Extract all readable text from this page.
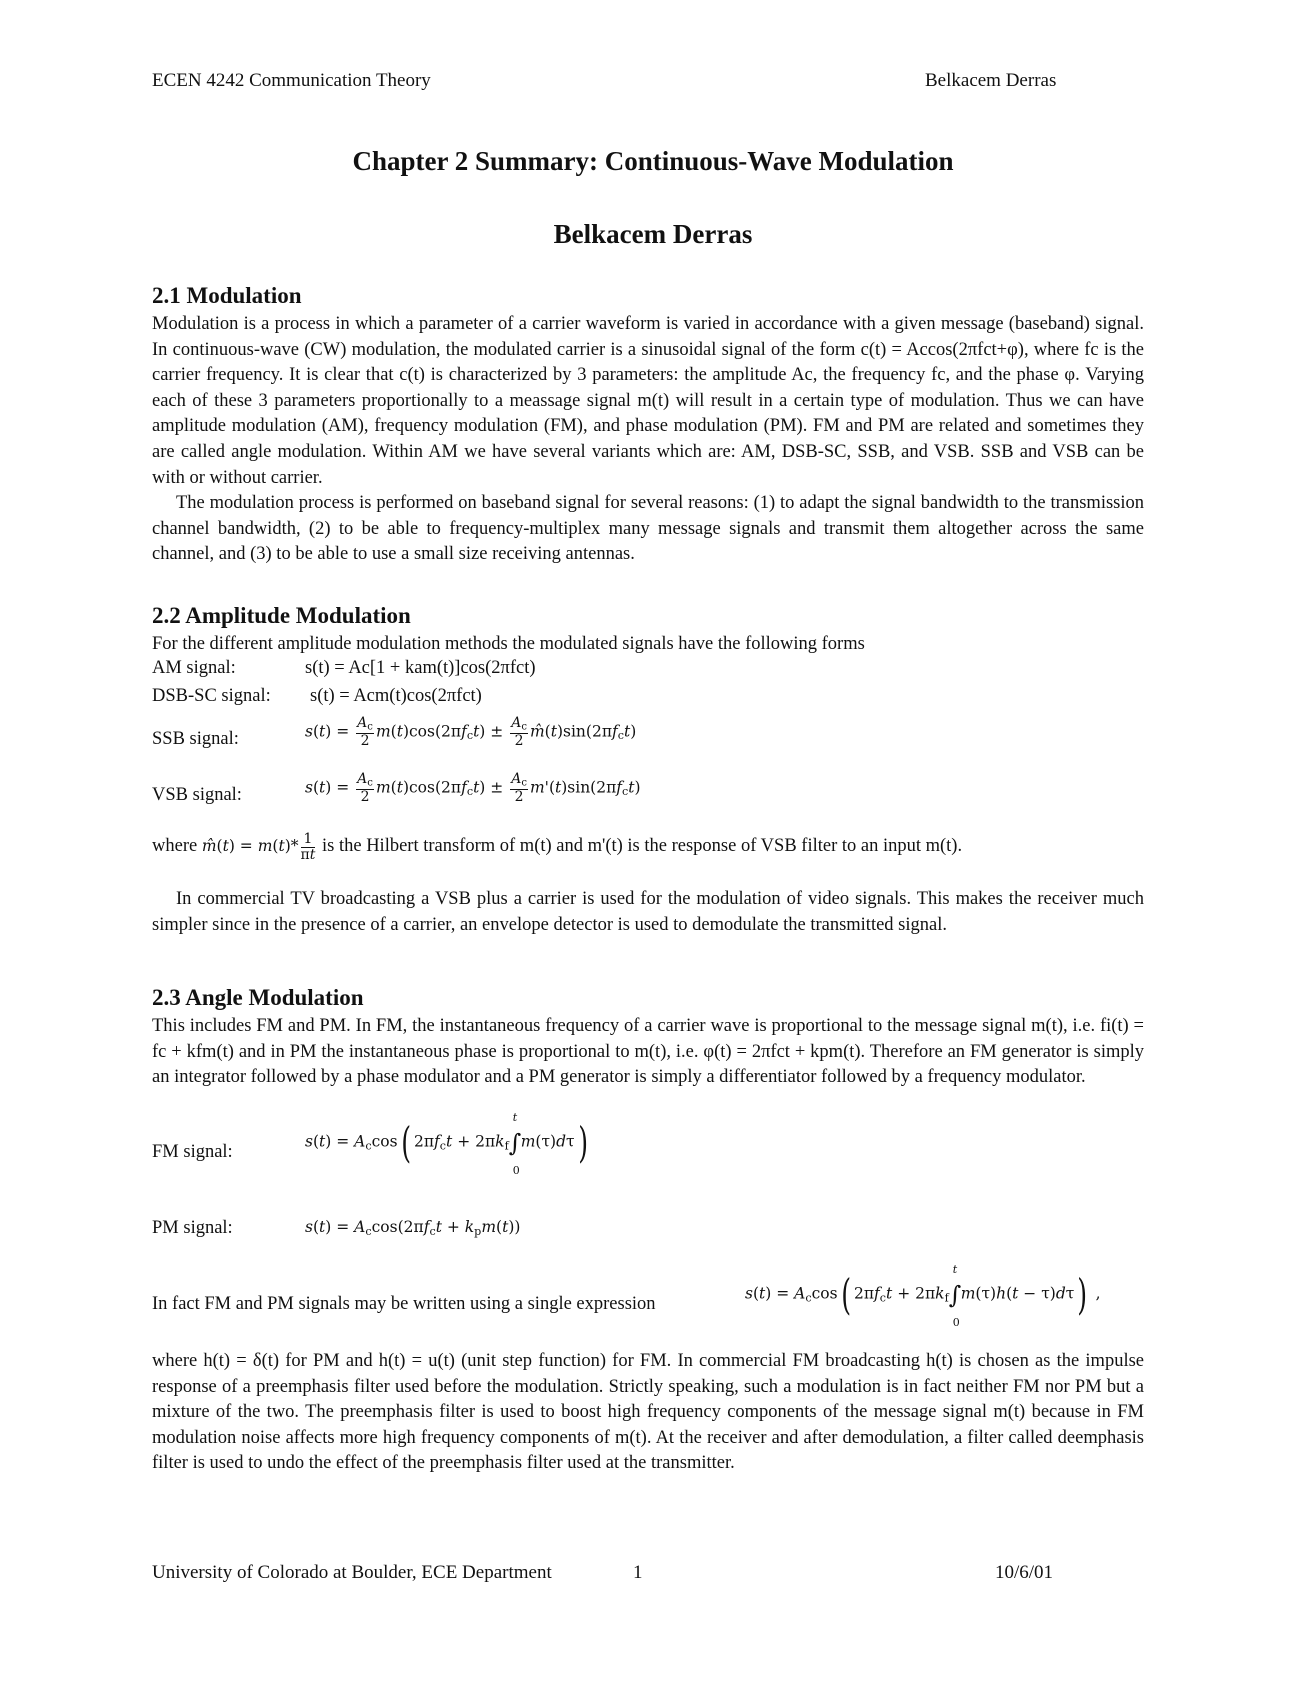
ECEN 4242 Communication Theory	Belkacem Derras
Chapter 2 Summary: Continuous-Wave Modulation
Belkacem Derras
2.1 Modulation

Modulation is a process in which a parameter of a carrier waveform is varied in accordance with a given message (baseband) signal. In continuous-wave (CW) modulation, the modulated carrier is a sinusoidal signal of the form c(t) = Accos(2πfct+φ), where fc is the carrier frequency. It is clear that c(t) is characterized by 3 parameters: the amplitude Ac, the frequency fc, and the phase φ. Varying each of these 3 parameters proportionally to a meassage signal m(t) will result in a certain type of modulation. Thus we can have amplitude modulation (AM), frequency modulation (FM), and phase modulation (PM). FM and PM are related and sometimes they are called angle modulation. Within AM we have several variants which are: AM, DSB-SC, SSB, and VSB. SSB and VSB can be with or without carrier.

The modulation process is performed on baseband signal for several reasons: (1) to adapt the signal bandwidth to the transmission channel bandwidth, (2) to be able to frequency-multiplex many message signals and transmit them altogether across the same channel, and (3) to be able to use a small size receiving antennas.

2.2 Amplitude Modulation
For the different amplitude modulation methods the modulated signals have the following forms
AM signal:	s(t) = Ac[1 + kam(t)]cos(2πfct)
DSB-SC signal: s(t) = Acm(t)cos(2πfct)
SSB signal:	$s(t) = \frac{A_c}{2} m(t)\cos(2\pi f_ct) \pm \frac{A_c}{2}$ $m̂(t)\sin(2\pi f_ct)$
VSB signal:	$s(t) = \frac{A_c}{2} m(t)\cos(2\pi f_ct) \pm \frac{A_c}{2} m'(t)\sin(2\pi f_ct)$
where m̂(t) = $m(t)* \frac{1}{\pi t}$ is the Hilbert transform of m(t) and m'(t) is the response of VSB filter to an input m(t).
In commercial TV broadcasting a VSB plus a carrier is used for the modulation of video signals. This makes the receiver much simpler since in the presence of a carrier, an envelope detector is used to demodulate the transmitted signal.
2.3 Angle Modulation
This includes FM and PM. In FM, the instantaneous frequency of a carrier wave is proportional to the message signal m(t), i.e. fi(t) = fc + kfm(t) and in PM the instantaneous phase is proportional to m(t), i.e. φ(t) = 2πfct + kpm(t). Therefore an FM generator is simply an integrator followed by a phase modulator and a PM generator is simply a differentiator followed by a frequency modulator.
FM signal:
$s(t) = A_c\cos$( $2\pi f_ct + 2\pi k_f\int$
t
0
m(τ)dτ)
PM signal:	$s(t) = A_c\cos(2\pi f_ct + k_pm(t))$
In fact FM and PM signals may be written using a single expression
$s(t) = A_c\cos$( $2\pi f_ct + 2\pi k_f\int$
t
0
m(τ)h(t − τ)dτ) ,
where h(t) = δ(t) for PM and h(t) = u(t) (unit step function) for FM. In commercial FM broadcasting h(t) is chosen as the impulse response of a preemphasis filter used before the modulation. Strictly speaking, such a modulation is in fact neither FM nor PM but a mixture of the two. The preemphasis filter is used to boost high frequency components of the message signal m(t) because in FM modulation noise affects more high frequency components of m(t). At the receiver and after demodulation, a filter called deemphasis filter is used to undo the effect of the preemphasis filter used at the transmitter.
University of Colorado at Boulder, ECE Department	1	10/6/01
